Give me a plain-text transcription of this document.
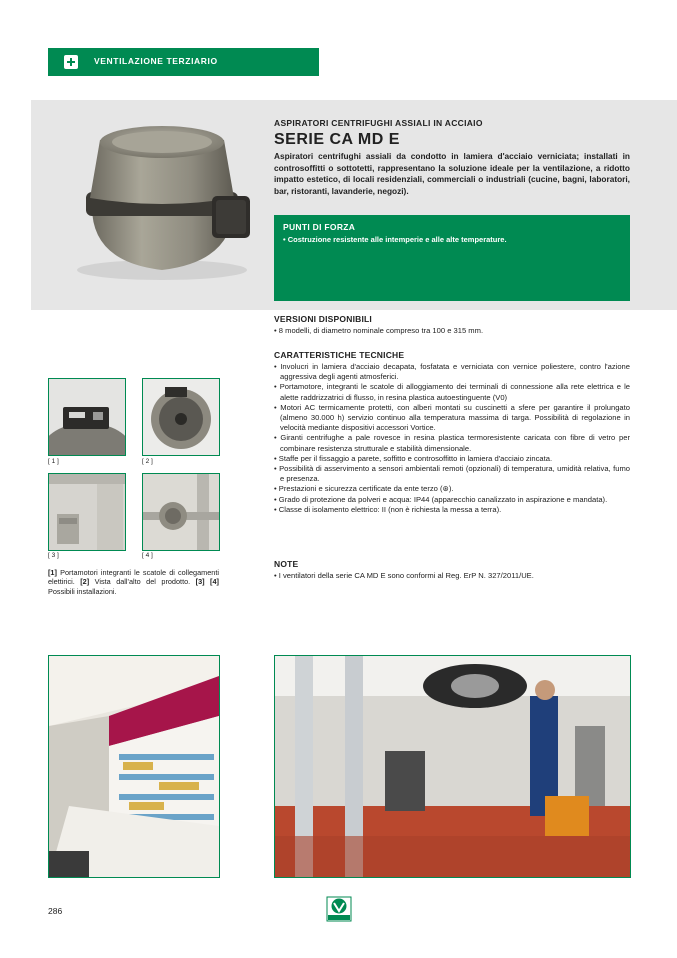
VENTILAZIONE TERZIARIO
ASPIRATORI CENTRIFUGHI ASSIALI IN ACCIAIO
SERIE CA MD E
Aspiratori centrifughi assiali da condotto in lamiera d'acciaio verniciata; installati in controsoffitti o sottotetti, rappresentano la soluzione ideale per la ventilazione, a ridotto impatto estetico, di locali residenziali, commerciali o industriali (cucine, bagni, laboratori, bar, ristoranti, lavanderie, negozi).
PUNTI DI FORZA
• Costruzione resistente alle intemperie e alle alte temperature.
VERSIONI DISPONIBILI
• 8 modelli, di diametro nominale compreso tra 100 e 315 mm.
CARATTERISTICHE TECNICHE
• Involucri in lamiera d'acciaio decapata, fosfatata e verniciata con vernice poliestere, contro l'azione aggressiva degli agenti atmosferici.
• Portamotore, integranti le scatole di alloggiamento dei terminali di connessione alla rete elettrica e le alette raddrizzatrici di flusso, in resina plastica autoestinguente (V0)
• Motori AC termicamente protetti, con alberi montati su cuscinetti a sfere per garantire il prolungato (almeno 30.000 h) servizio continuo alla temperatura massima di targa. Possibilità di regolazione in velocità mediante dispositivi accessori Vortice.
• Giranti centrifughe a pale rovesce in resina plastica termoresistente caricata con fibre di vetro per combinare resistenza strutturale e stabilità dimensionale.
• Staffe per il fissaggio a parete, soffitto e controsoffitto in lamiera d'acciaio zincata.
• Possibilità di asservimento a sensori ambientali remoti (opzionali) di temperatura, umidità relativa, fumo e presenza.
• Prestazioni e sicurezza certificate da ente terzo (⊛).
• Grado di protezione da polveri e acqua: IP44 (apparecchio canalizzato in aspirazione e mandata).
• Classe di isolamento elettrico: II (non è richiesta la messa a terra).
NOTE
• I ventilatori della serie CA MD E sono conformi al Reg. ErP N. 327/2011/UE.
[ 1 ]	[ 2 ]
[ 3 ]	[ 4 ]
[1] Portamotori integranti le scatole di collegamenti elettirici. [2] Vista dall'alto del prodotto. [3] [4] Possibili installazioni.
286
